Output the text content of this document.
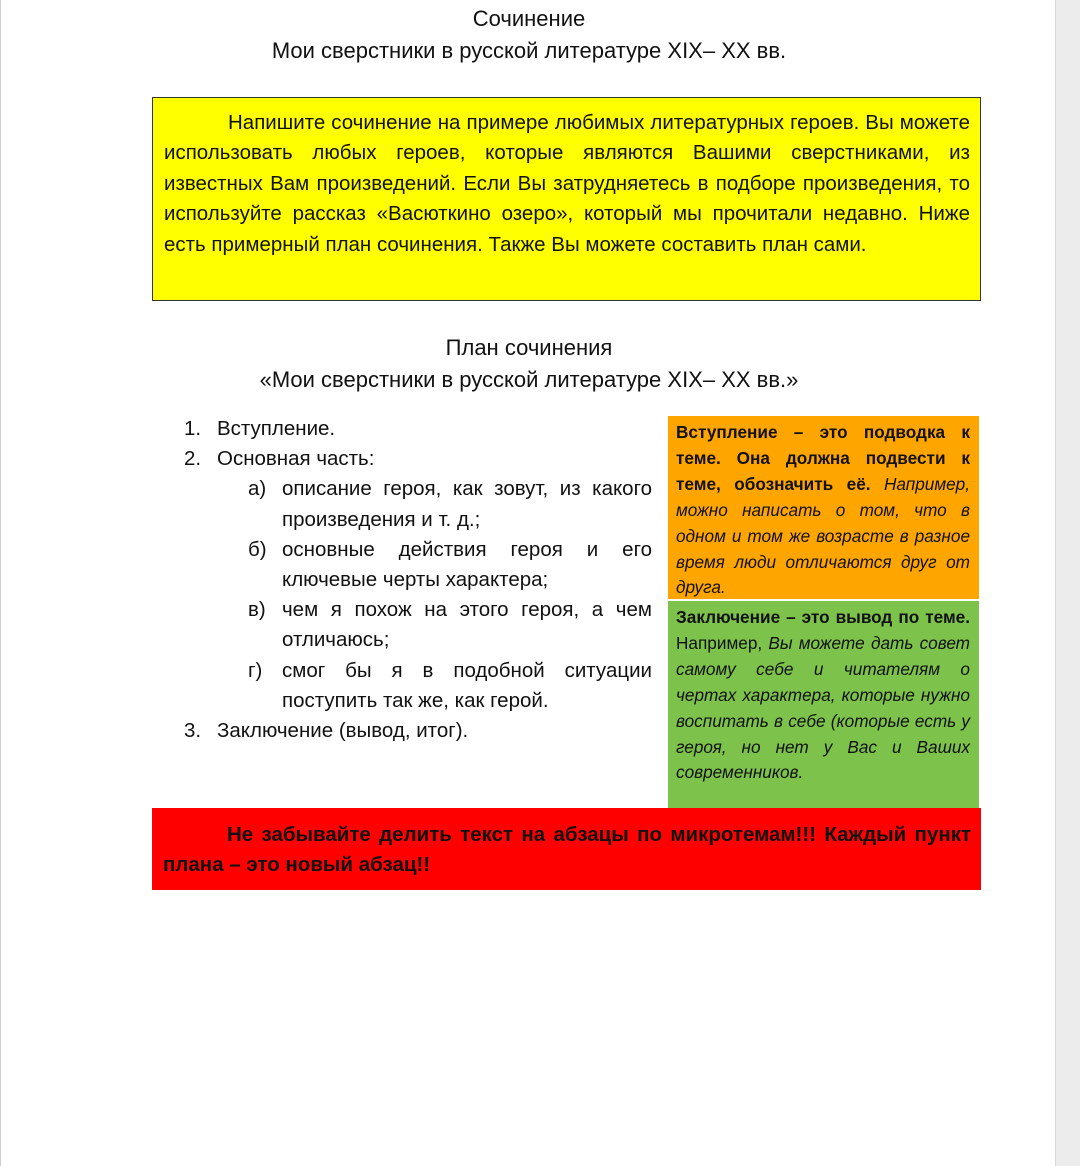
Сочинение
Мои сверстники в русской литературе XIX– XX вв.

Напишите сочинение на примере любимых литературных героев. Вы можете использовать любых героев, которые являются Вашими сверстниками, из известных Вам произведений. Если Вы затрудняетесь в подборе произведения, то используйте рассказ «Васюткино озеро», который мы прочитали недавно. Ниже есть примерный план сочинения. Также Вы можете составить план сами.

План сочинения
«Мои сверстники в русской литературе XIX– XX вв.»
1. Вступление.
2. Основная часть:
а) описание героя, как зовут, из какого произведения и т. д.;
б) основные действия героя и его ключевые черты характера;
в) чем я похож на этого героя, а чем отличаюсь;
г) смог бы я в подобной ситуации поступить так же, как герой.
3. Заключение (вывод, итог).
Вступление – это подводка к теме. Она должна подвести к теме, обозначить её. Например, можно написать о том, что в одном и том же возрасте в разное время люди отличаются друг от друга.
Заключение – это вывод по теме. Например, Вы можете дать совет самому себе и читателям о чертах характера, которые нужно воспитать в себе (которые есть у героя, но нет у Вас и Ваших современников.

Не забывайте делить текст на абзацы по микротемам!!! Каждый пункт плана – это новый абзац!!
